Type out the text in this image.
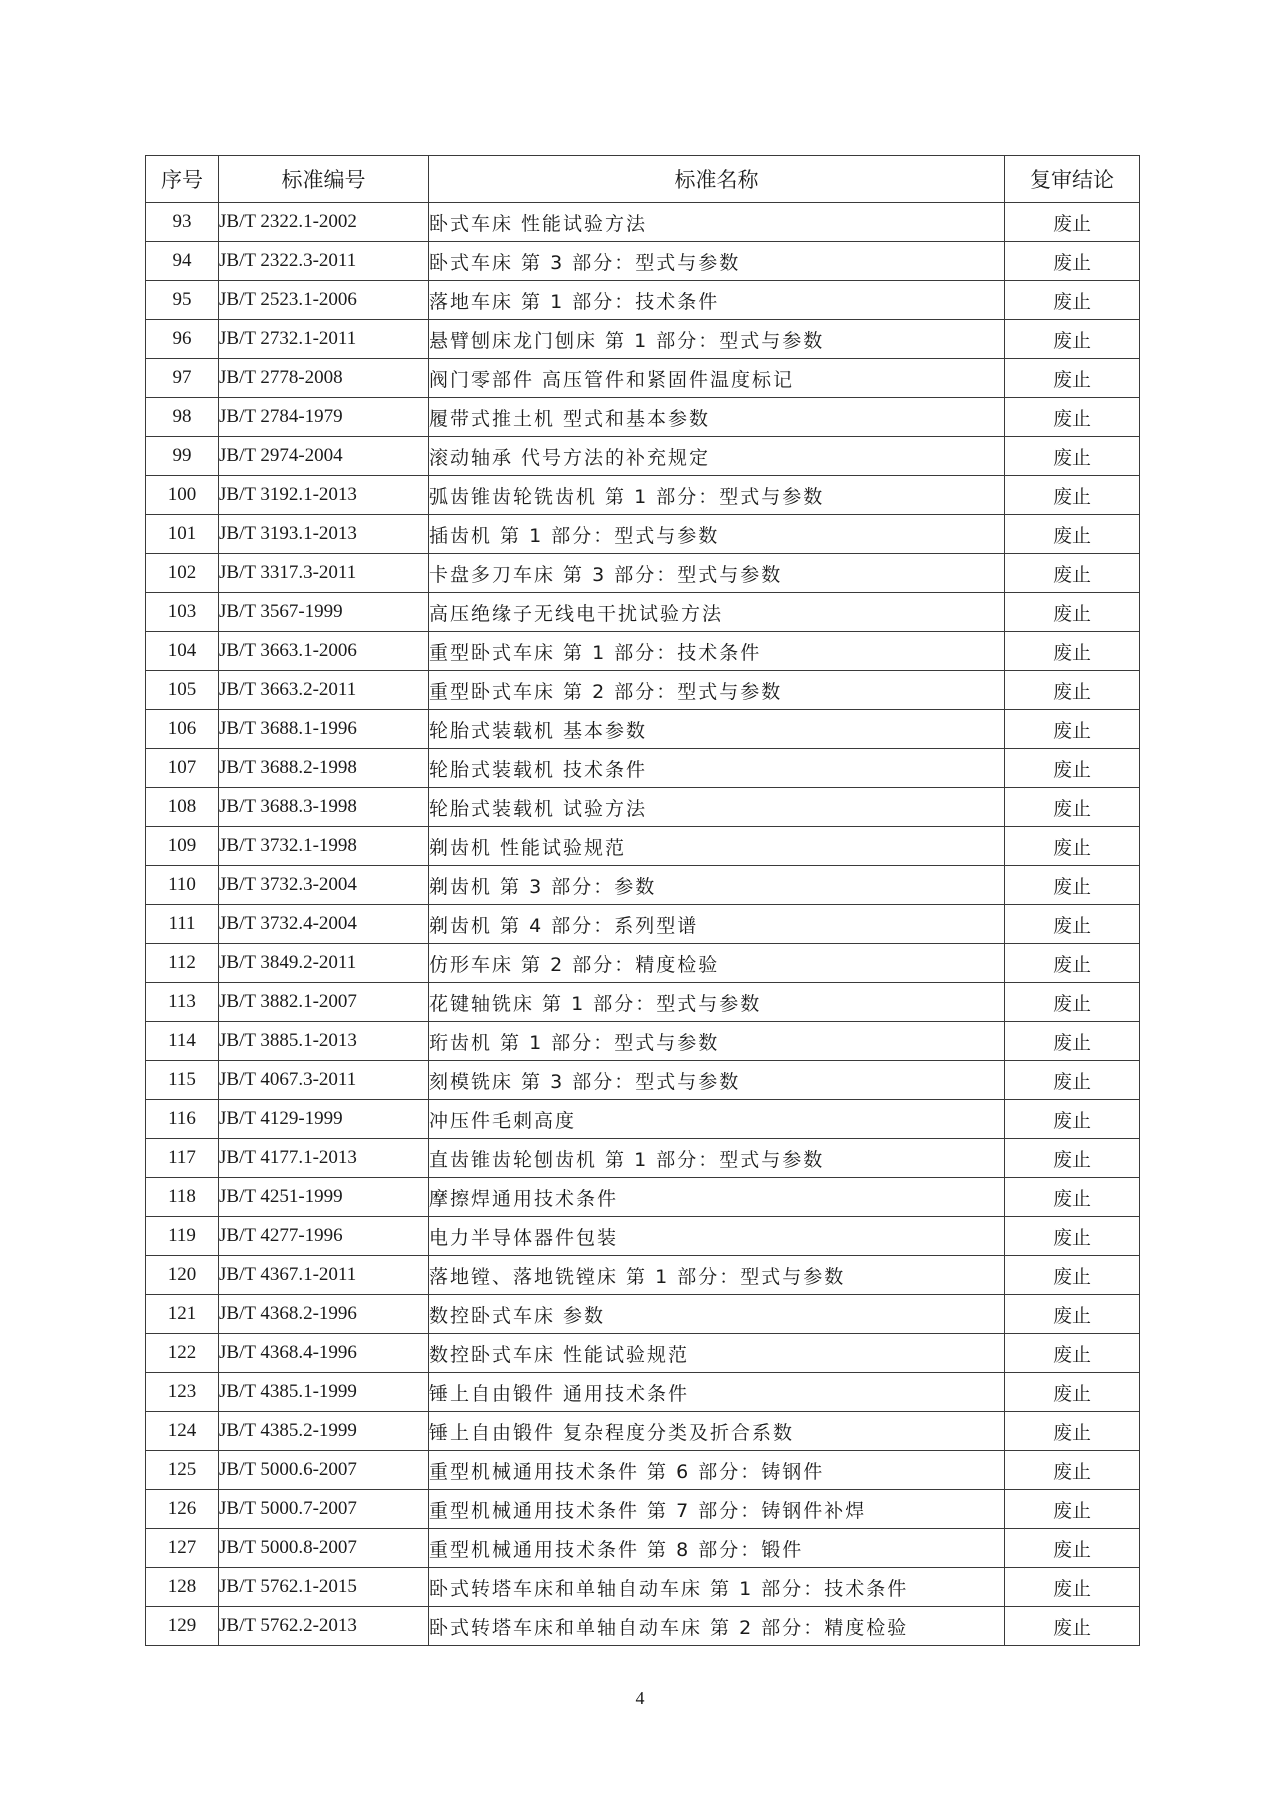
序号	标准编号	标准名称	复审结论
93	JB/T 2322.1-2002	卧式车床 性能试验方法	废止
94	JB/T 2322.3-2011	卧式车床 第 3 部分：型式与参数	废止
95	JB/T 2523.1-2006	落地车床 第 1 部分：技术条件	废止
96	JB/T 2732.1-2011	悬臂刨床龙门刨床 第 1 部分：型式与参数	废止
97	JB/T 2778-2008	阀门零部件 高压管件和紧固件温度标记	废止
98	JB/T 2784-1979	履带式推土机 型式和基本参数	废止
99	JB/T 2974-2004	滚动轴承 代号方法的补充规定	废止
100	JB/T 3192.1-2013	弧齿锥齿轮铣齿机 第 1 部分：型式与参数	废止
101	JB/T 3193.1-2013	插齿机 第 1 部分：型式与参数	废止
102	JB/T 3317.3-2011	卡盘多刀车床 第 3 部分：型式与参数	废止
103	JB/T 3567-1999	高压绝缘子无线电干扰试验方法	废止
104	JB/T 3663.1-2006	重型卧式车床 第 1 部分：技术条件	废止
105	JB/T 3663.2-2011	重型卧式车床 第 2 部分：型式与参数	废止
106	JB/T 3688.1-1996	轮胎式装载机 基本参数	废止
107	JB/T 3688.2-1998	轮胎式装载机 技术条件	废止
108	JB/T 3688.3-1998	轮胎式装载机 试验方法	废止
109	JB/T 3732.1-1998	剃齿机 性能试验规范	废止
110	JB/T 3732.3-2004	剃齿机 第 3 部分：参数	废止
111	JB/T 3732.4-2004	剃齿机 第 4 部分：系列型谱	废止
112	JB/T 3849.2-2011	仿形车床 第 2 部分：精度检验	废止
113	JB/T 3882.1-2007	花键轴铣床 第 1 部分：型式与参数	废止
114	JB/T 3885.1-2013	珩齿机 第 1 部分：型式与参数	废止
115	JB/T 4067.3-2011	刻模铣床 第 3 部分：型式与参数	废止
116	JB/T 4129-1999	冲压件毛刺高度	废止
117	JB/T 4177.1-2013	直齿锥齿轮刨齿机 第 1 部分：型式与参数	废止
118	JB/T 4251-1999	摩擦焊通用技术条件	废止
119	JB/T 4277-1996	电力半导体器件包装	废止
120	JB/T 4367.1-2011	落地镗、落地铣镗床 第 1 部分：型式与参数	废止
121	JB/T 4368.2-1996	数控卧式车床 参数	废止
122	JB/T 4368.4-1996	数控卧式车床 性能试验规范	废止
123	JB/T 4385.1-1999	锤上自由锻件 通用技术条件	废止
124	JB/T 4385.2-1999	锤上自由锻件 复杂程度分类及折合系数	废止
125	JB/T 5000.6-2007	重型机械通用技术条件 第 6 部分：铸钢件	废止
126	JB/T 5000.7-2007	重型机械通用技术条件 第 7 部分：铸钢件补焊	废止
127	JB/T 5000.8-2007	重型机械通用技术条件 第 8 部分：锻件	废止
128	JB/T 5762.1-2015	卧式转塔车床和单轴自动车床 第 1 部分：技术条件	废止
129	JB/T 5762.2-2013	卧式转塔车床和单轴自动车床 第 2 部分：精度检验	废止
4
